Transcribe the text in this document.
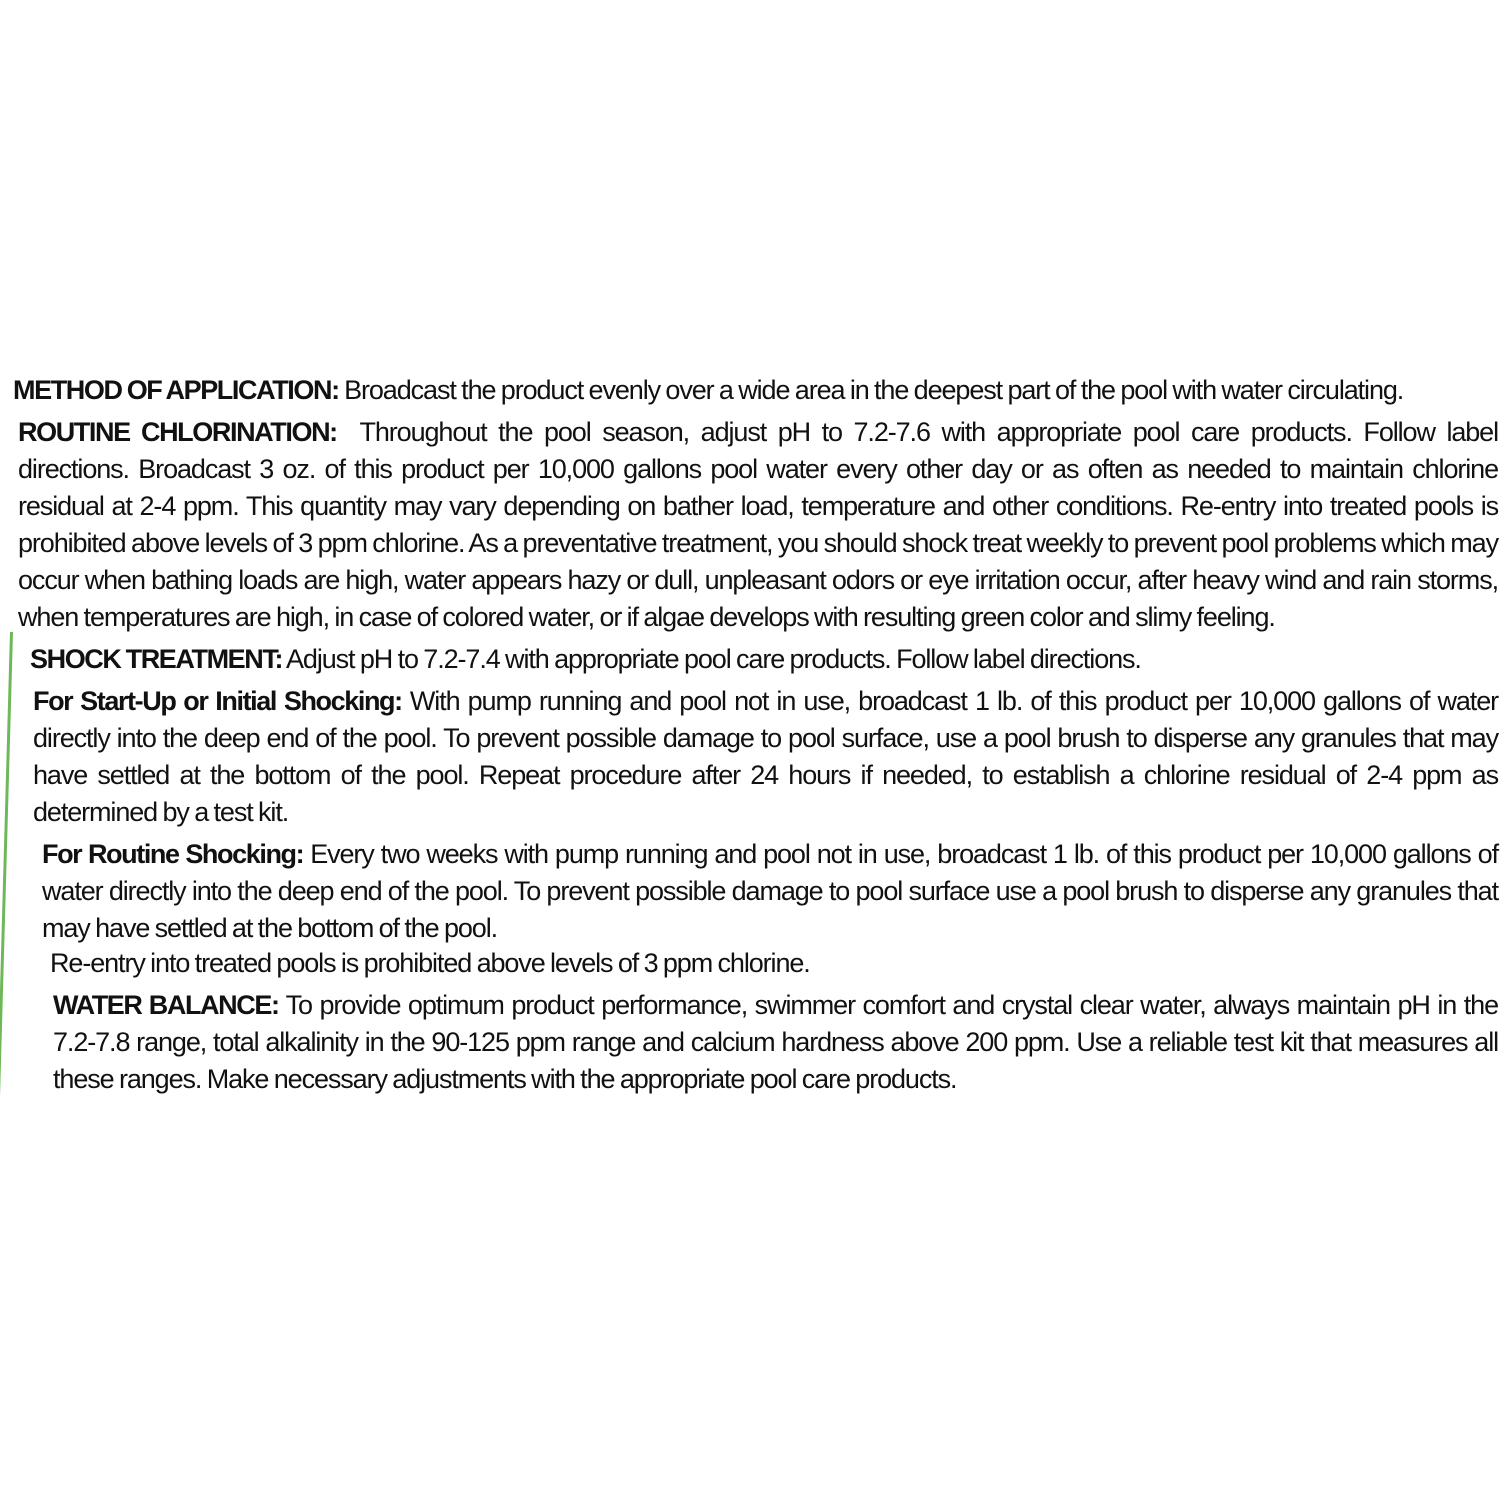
METHOD OF APPLICATION: Broadcast the product evenly over a wide area in the deepest part of the pool with water circulating.

ROUTINE CHLORINATION: Throughout the pool season, adjust pH to 7.2-7.6 with appropriate pool care products. Follow label directions. Broadcast 3 oz. of this product per 10,000 gallons pool water every other day or as often as needed to maintain chlorine residual at 2-4 ppm. This quantity may vary depending on bather load, temperature and other conditions. Re-entry into treated pools is prohibited above levels of 3 ppm chlorine. As a preventative treatment, you should shock treat weekly to prevent pool problems which may occur when bathing loads are high, water appears hazy or dull, unpleasant odors or eye irritation occur, after heavy wind and rain storms, when temperatures are high, in case of colored water, or if algae develops with resulting green color and slimy feeling.

SHOCK TREATMENT: Adjust pH to 7.2-7.4 with appropriate pool care products. Follow label directions.

For Start-Up or Initial Shocking: With pump running and pool not in use, broadcast 1 lb. of this product per 10,000 gallons of water directly into the deep end of the pool. To prevent possible damage to pool surface, use a pool brush to disperse any granules that may have settled at the bottom of the pool. Repeat procedure after 24 hours if needed, to establish a chlorine residual of 2-4 ppm as determined by a test kit.

For Routine Shocking: Every two weeks with pump running and pool not in use, broadcast 1 lb. of this product per 10,000 gallons of water directly into the deep end of the pool. To prevent possible damage to pool surface use a pool brush to disperse any granules that may have settled at the bottom of the pool.

Re-entry into treated pools is prohibited above levels of 3 ppm chlorine.

WATER BALANCE: To provide optimum product performance, swimmer comfort and crystal clear water, always maintain pH in the 7.2-7.8 range, total alkalinity in the 90-125 ppm range and calcium hardness above 200 ppm. Use a reliable test kit that measures all these ranges. Make necessary adjustments with the appropriate pool care products.
